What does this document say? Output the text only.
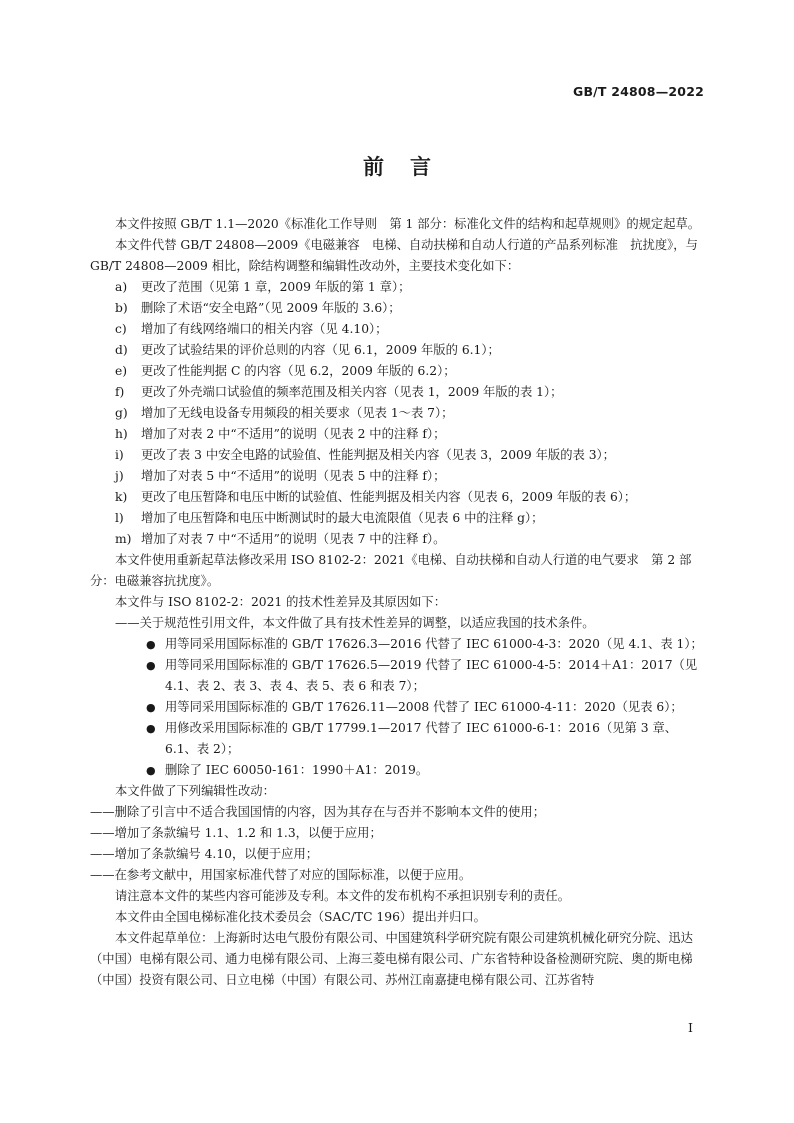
GB/T 24808—2022
前言

本文件按照 GB/T 1.1—2020《标准化工作导则　第 1 部分：标准化文件的结构和起草规则》的规定起草。

本文件代替 GB/T 24808—2009《电磁兼容　电梯、自动扶梯和自动人行道的产品系列标准　抗扰度》，与 GB/T 24808—2009 相比，除结构调整和编辑性改动外，主要技术变化如下：

a) 更改了范围（见第 1 章，2009 年版的第 1 章）；

b) 删除了术语“安全电路”（见 2009 年版的 3.6）；

c) 增加了有线网络端口的相关内容（见 4.10）；

d) 更改了试验结果的评价总则的内容（见 6.1，2009 年版的 6.1）；

e) 更改了性能判据 C 的内容（见 6.2，2009 年版的 6.2）；

f) 更改了外壳端口试验值的频率范围及相关内容（见表 1，2009 年版的表 1）；

g) 增加了无线电设备专用频段的相关要求（见表 1～表 7）；

h) 增加了对表 2 中“不适用”的说明（见表 2 中的注释 f）；

i) 更改了表 3 中安全电路的试验值、性能判据及相关内容（见表 3，2009 年版的表 3）；

j) 增加了对表 5 中“不适用”的说明（见表 5 中的注释 f）；

k) 更改了电压暂降和电压中断的试验值、性能判据及相关内容（见表 6，2009 年版的表 6）；

l) 增加了电压暂降和电压中断测试时的最大电流限值（见表 6 中的注释 g）；

m) 增加了对表 7 中“不适用”的说明（见表 7 中的注释 f）。

本文件使用重新起草法修改采用 ISO 8102-2：2021《电梯、自动扶梯和自动人行道的电气要求　第 2 部分：电磁兼容抗扰度》。

本文件与 ISO 8102-2：2021 的技术性差异及其原因如下：

——关于规范性引用文件，本文件做了具有技术性差异的调整，以适应我国的技术条件。

● 用等同采用国际标准的 GB/T 17626.3—2016 代替了 IEC 61000-4-3：2020（见 4.1、表 1）；

● 用等同采用国际标准的 GB/T 17626.5—2019 代替了 IEC 61000-4-5：2014＋A1：2017（见 4.1、表 2、表 3、表 4、表 5、表 6 和表 7）；

● 用等同采用国际标准的 GB/T 17626.11—2008 代替了 IEC 61000-4-11：2020（见表 6）；

● 用修改采用国际标准的 GB/T 17799.1—2017 代替了 IEC 61000-6-1：2016（见第 3 章、6.1、表 2）；

● 删除了 IEC 60050-161：1990＋A1：2019。

本文件做了下列编辑性改动：

——删除了引言中不适合我国国情的内容，因为其存在与否并不影响本文件的使用；

——增加了条款编号 1.1、1.2 和 1.3，以便于应用；

——增加了条款编号 4.10，以便于应用；

——在参考文献中，用国家标准代替了对应的国际标准，以便于应用。

请注意本文件的某些内容可能涉及专利。本文件的发布机构不承担识别专利的责任。

本文件由全国电梯标准化技术委员会（SAC/TC 196）提出并归口。

本文件起草单位：上海新时达电气股份有限公司、中国建筑科学研究院有限公司建筑机械化研究分院、迅达（中国）电梯有限公司、通力电梯有限公司、上海三菱电梯有限公司、广东省特种设备检测研究院、奥的斯电梯（中国）投资有限公司、日立电梯（中国）有限公司、苏州江南嘉捷电梯有限公司、江苏省特

Ⅰ
